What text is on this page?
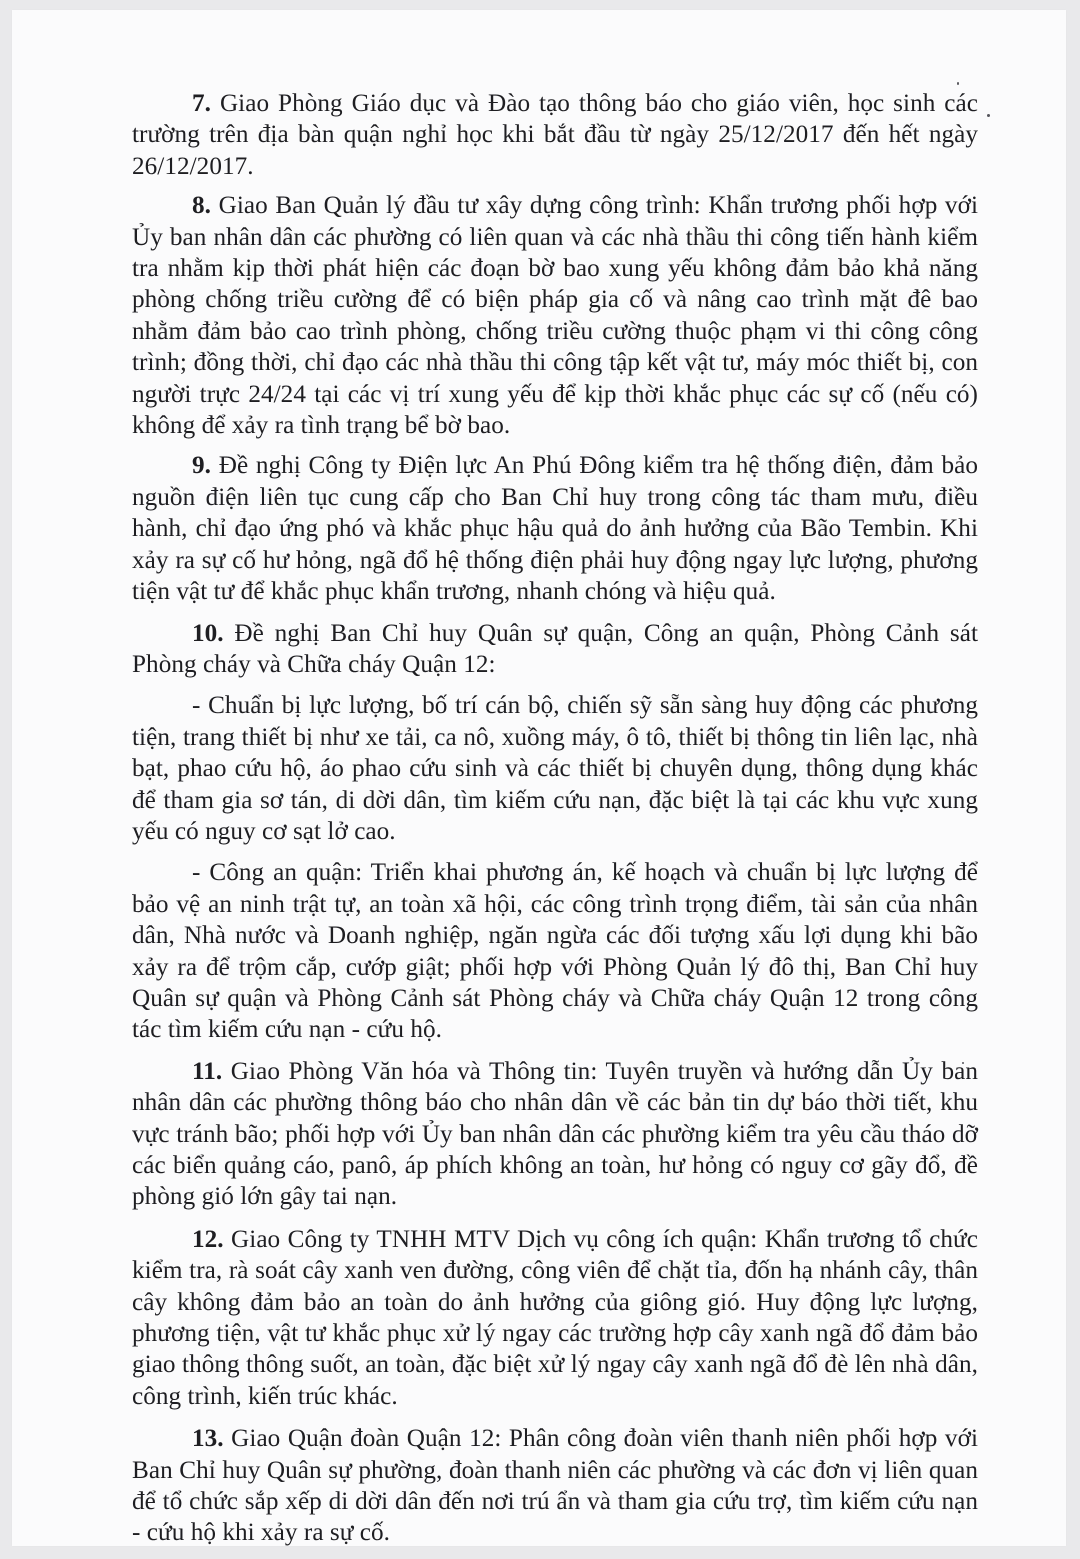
7. Giao Phòng Giáo dục và Đào tạo thông báo cho giáo viên, học sinh các trường trên địa bàn quận nghỉ học khi bắt đầu từ ngày 25/12/2017 đến hết ngày 26/12/2017.

8. Giao Ban Quản lý đầu tư xây dựng công trình: Khẩn trương phối hợp với Ủy ban nhân dân các phường có liên quan và các nhà thầu thi công tiến hành kiểm tra nhằm kịp thời phát hiện các đoạn bờ bao xung yếu không đảm bảo khả năng phòng chống triều cường để có biện pháp gia cố và nâng cao trình mặt đê bao nhằm đảm bảo cao trình phòng, chống triều cường thuộc phạm vi thi công công trình; đồng thời, chỉ đạo các nhà thầu thi công tập kết vật tư, máy móc thiết bị, con người trực 24/24 tại các vị trí xung yếu để kịp thời khắc phục các sự cố (nếu có) không để xảy ra tình trạng bể bờ bao.

9. Đề nghị Công ty Điện lực An Phú Đông kiểm tra hệ thống điện, đảm bảo nguồn điện liên tục cung cấp cho Ban Chỉ huy trong công tác tham mưu, điều hành, chỉ đạo ứng phó và khắc phục hậu quả do ảnh hưởng của Bão Tembin. Khi xảy ra sự cố hư hỏng, ngã đổ hệ thống điện phải huy động ngay lực lượng, phương tiện vật tư để khắc phục khẩn trương, nhanh chóng và hiệu quả.

10. Đề nghị Ban Chỉ huy Quân sự quận, Công an quận, Phòng Cảnh sát Phòng cháy và Chữa cháy Quận 12:

- Chuẩn bị lực lượng, bố trí cán bộ, chiến sỹ sẵn sàng huy động các phương tiện, trang thiết bị như xe tải, ca nô, xuồng máy, ô tô, thiết bị thông tin liên lạc, nhà bạt, phao cứu hộ, áo phao cứu sinh và các thiết bị chuyên dụng, thông dụng khác để tham gia sơ tán, di dời dân, tìm kiếm cứu nạn, đặc biệt là tại các khu vực xung yếu có nguy cơ sạt lở cao.

- Công an quận: Triển khai phương án, kế hoạch và chuẩn bị lực lượng để bảo vệ an ninh trật tự, an toàn xã hội, các công trình trọng điểm, tài sản của nhân dân, Nhà nước và Doanh nghiệp, ngăn ngừa các đối tượng xấu lợi dụng khi bão xảy ra để trộm cắp, cướp giật; phối hợp với Phòng Quản lý đô thị, Ban Chỉ huy Quân sự quận và Phòng Cảnh sát Phòng cháy và Chữa cháy Quận 12 trong công tác tìm kiếm cứu nạn - cứu hộ.

11. Giao Phòng Văn hóa và Thông tin: Tuyên truyền và hướng dẫn Ủy ban nhân dân các phường thông báo cho nhân dân về các bản tin dự báo thời tiết, khu vực tránh bão; phối hợp với Ủy ban nhân dân các phường kiểm tra yêu cầu tháo dỡ các biển quảng cáo, panô, áp phích không an toàn, hư hỏng có nguy cơ gãy đổ, đề phòng gió lớn gây tai nạn.

12. Giao Công ty TNHH MTV Dịch vụ công ích quận: Khẩn trương tổ chức kiểm tra, rà soát cây xanh ven đường, công viên để chặt tỉa, đốn hạ nhánh cây, thân cây không đảm bảo an toàn do ảnh hưởng của giông gió. Huy động lực lượng, phương tiện, vật tư khắc phục xử lý ngay các trường hợp cây xanh ngã đổ đảm bảo giao thông thông suốt, an toàn, đặc biệt xử lý ngay cây xanh ngã đổ đè lên nhà dân, công trình, kiến trúc khác.

13. Giao Quận đoàn Quận 12: Phân công đoàn viên thanh niên phối hợp với Ban Chỉ huy Quân sự phường, đoàn thanh niên các phường và các đơn vị liên quan để tổ chức sắp xếp di dời dân đến nơi trú ẩn và tham gia cứu trợ, tìm kiếm cứu nạn - cứu hộ khi xảy ra sự cố.
